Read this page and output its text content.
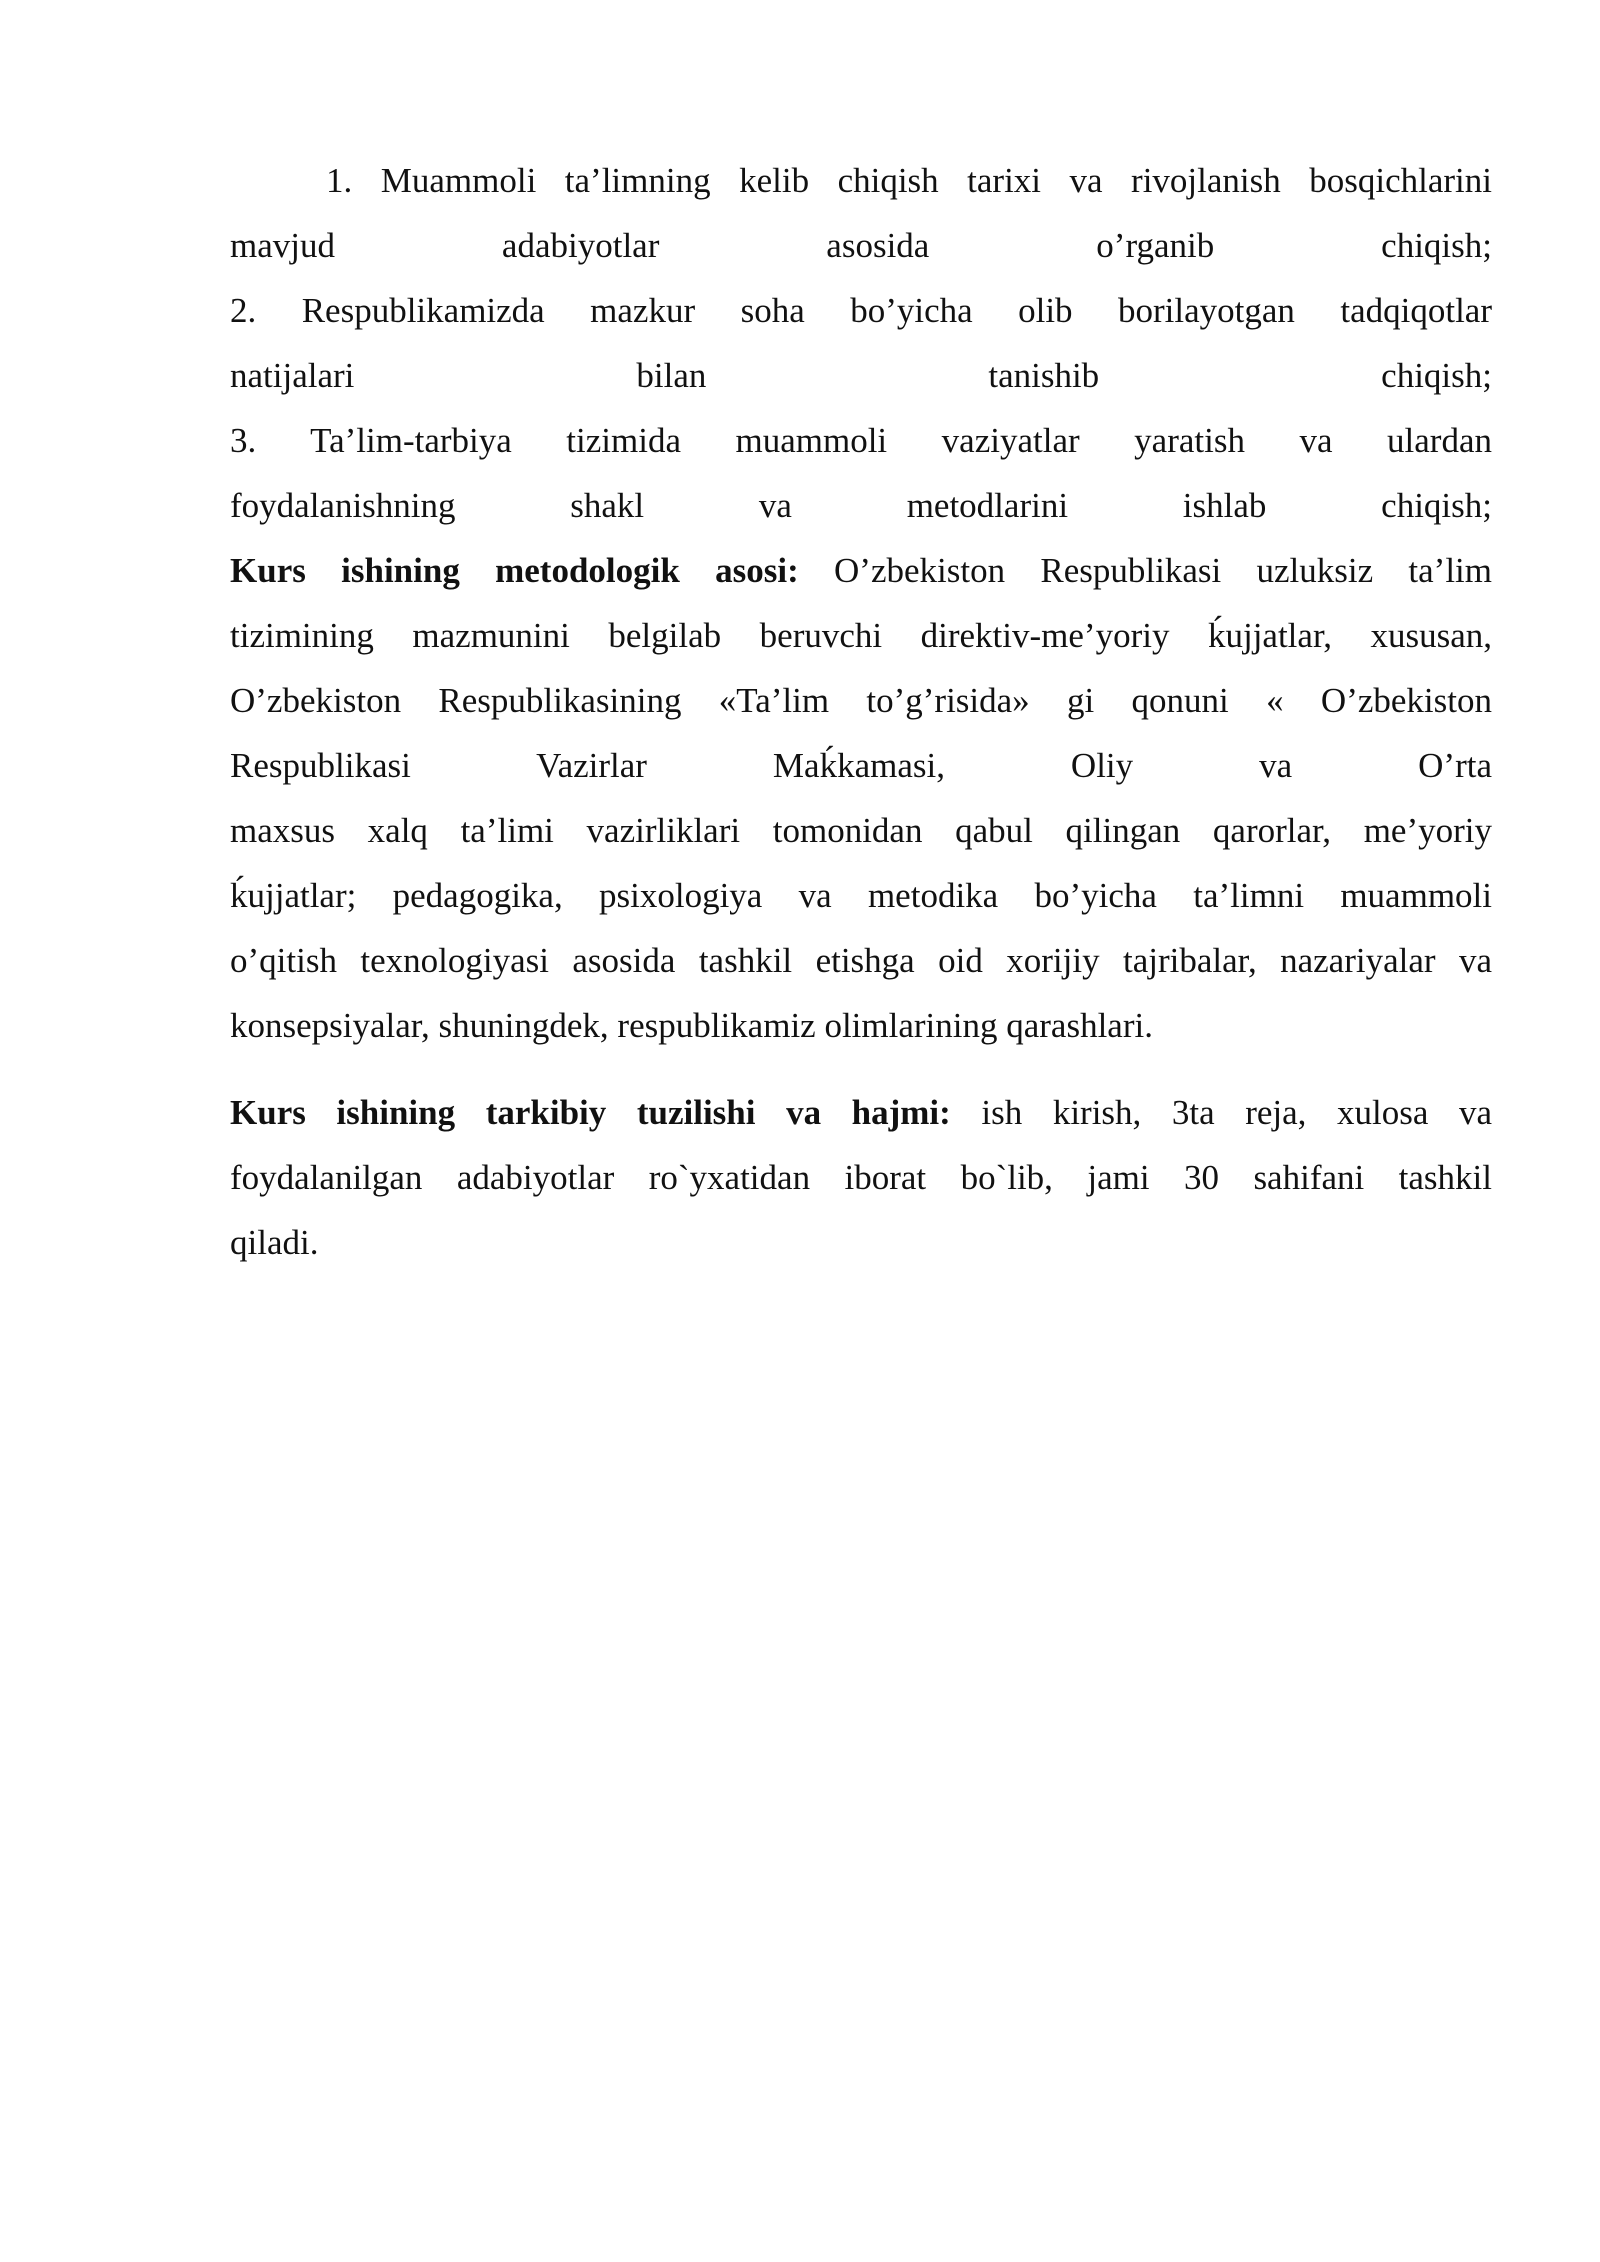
1. Muammoli ta’limning kelib chiqish tarixi va rivojlanish bosqichlarini
mavjud adabiyotlar asosida o’rganib chiqish;
2. Respublikamizda mazkur soha bo’yicha olib borilayotgan tadqiqotlar
natijalari bilan tanishib chiqish;
3. Ta’lim-tarbiya tizimida muammoli vaziyatlar yaratish va ulardan
foydalanishning shakl va metodlarini ishlab chiqish;
Kurs ishining metodologik asosi: O’zbekiston Respublikasi uzluksiz ta’lim
tizimining mazmunini belgilab beruvchi direktiv-me’yoriy ḱujjatlar, xususan,
O’zbekiston Respublikasining «Ta’lim to’g’risida» gi qonuni « O’zbekiston
Respublikasi Vazirlar Maḱkamasi, Oliy va O’rta
maxsus xalq ta’limi vazirliklari tomonidan qabul qilingan qarorlar, me’yoriy
ḱujjatlar; pedagogika, psixologiya va metodika bo’yicha ta’limni muammoli
o’qitish texnologiyasi asosida tashkil etishga oid xorijiy tajribalar, nazariyalar va
konsepsiyalar, shuningdek, respublikamiz olimlarining qarashlari.
Kurs ishining tarkibiy tuzilishi va hajmi: ish kirish, 3ta reja, xulosa va
foydalanilgan adabiyotlar ro`yxatidan iborat bo`lib, jami 30 sahifani tashkil
qiladi.
